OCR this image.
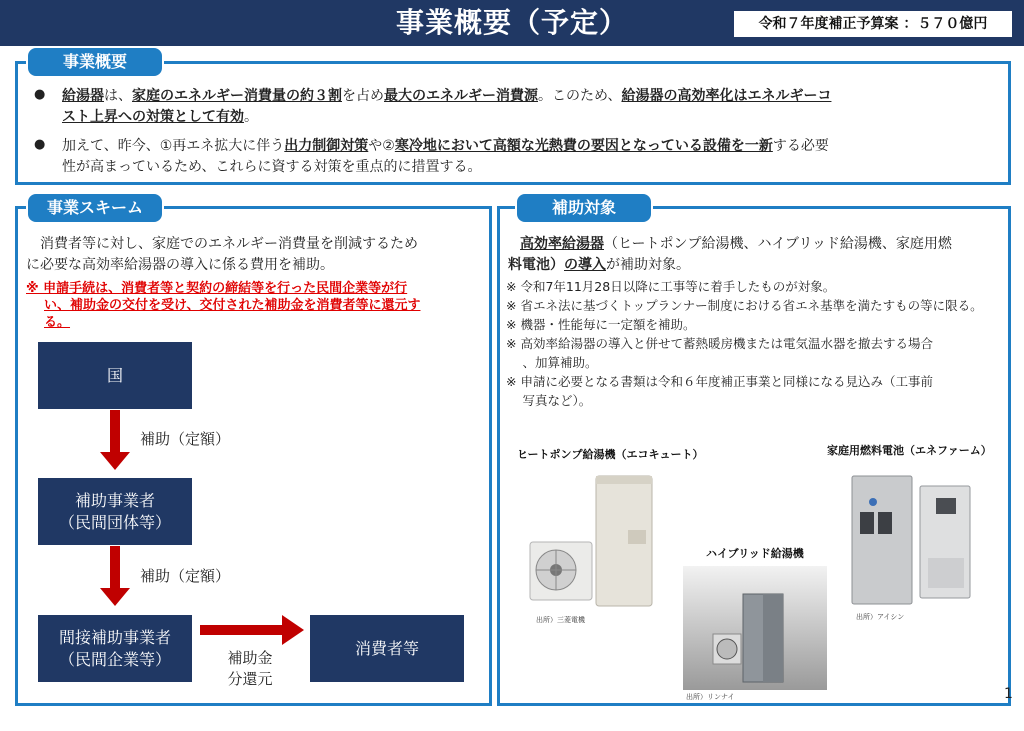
事業概要（予定）	令和７年度補正予算案 ：５７０億円
事業概要
● 給湯器は、家庭のエネルギー消費量の約３割を占め最大のエネルギー消費源。このため、給湯器の高効率化はエネルギーコ
スト上昇への対策として有効。
● 加えて、昨今、①再エネ拡大に伴う出力制御対策や②寒冷地において高額な光熱費の要因となっている設備を一新する必要
性が高まっているため、これらに資する対策を重点的に措置する。
事業スキーム
消費者等に対し、家庭でのエネルギー消費量を削減するため
に必要な高効率給湯器の導入に係る費用を補助。
※ 申請手続は、消費者等と契約の締結等を行った民間企業等が行
い、補助金の交付を受け、交付された補助金を消費者等に還元す
る。
国
補助（定額）
補助事業者
（民間団体等）
補助（定額）
間接補助事業者
（民間企業等）	補助金
分還元
消費者等
補助対象
高効率給湯器（ヒートポンプ給湯機、ハイブリッド給湯機、家庭用燃
料電池）の導入が補助対象。
※ 令和7年11月28日以降に工事等に着手したものが対象。
※ 省エネ法に基づくトップランナー制度における省エネ基準を満たすもの等に限る。
※ 機器・性能毎に一定額を補助。
※ 高効率給湯器の導入と併せて蓄熱暖房機または電気温水器を撤去する場合
　 、加算補助。
※ 申請に必要となる書類は令和６年度補正事業と同様になる見込み（工事前
　 写真など）。
ヒートポンプ給湯機（エコキュート）	家庭用燃料電池（エネファーム）
ハイブリッド給湯機
出所）三菱電機
出所）リンナイ
出所）アイシン
1
